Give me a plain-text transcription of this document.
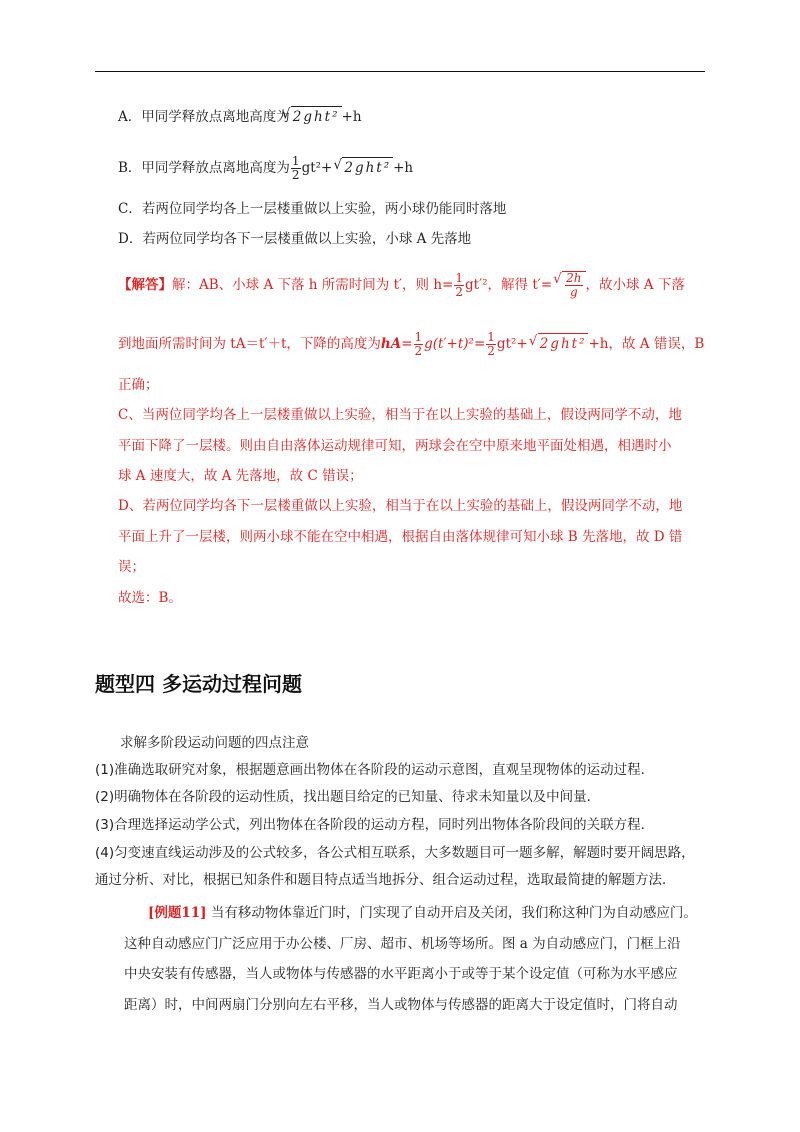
A．甲同学释放点离地高度为√ 2ght² +h
B．甲同学释放点离地高度为 $\frac{1}{2} gt^2+√$ 2ght² +h
C．若两位同学均各上一层楼重做以上实验，两小球仍能同时落地
D．若两位同学均各下一层楼重做以上实验，小球 A 先落地
【解答】解：AB、小球 A 下落 h 所需时间为 t′，则 $h= \frac{1}{2} gt'^2$，解得 t′=
√ $\frac{2h}{g}$ ，故小球 A 下落
到地面所需时间为 tA＝t′＋t，下降的高度为$hA= \frac{1}{2} g(t'+t)^2= \frac{1}{2} gt^2+√$ 2ght² +h，故 A 错误，B
正确；
C、当两位同学均各上一层楼重做以上实验，相当于在以上实验的基础上，假设两同学不动，地
平面下降了一层楼。则由自由落体运动规律可知，两球会在空中原来地平面处相遇，相遇时小
球 A 速度大，故 A 先落地，故 C 错误；
D、若两位同学均各下一层楼重做以上实验，相当于在以上实验的基础上，假设两同学不动，地
平面上升了一层楼，则两小球不能在空中相遇，根据自由落体规律可知小球 B 先落地，故 D 错
误；
故选：B。
题型四 多运动过程问题
求解多阶段运动问题的四点注意
(1)准确选取研究对象，根据题意画出物体在各阶段的运动示意图，直观呈现物体的运动过程．
(2)明确物体在各阶段的运动性质，找出题目给定的已知量、待求未知量以及中间量．
(3)合理选择运动学公式，列出物体在各阶段的运动方程，同时列出物体各阶段间的关联方程．
(4)匀变速直线运动涉及的公式较多，各公式相互联系，大多数题目可一题多解，解题时要开阔思路，
通过分析、对比，根据已知条件和题目特点适当地拆分、组合运动过程，选取最简捷的解题方法．
[例题11] 当有移动物体靠近门时，门实现了自动开启及关闭，我们称这种门为自动感应门。
这种自动感应门广泛应用于办公楼、厂房、超市、机场等场所。图 a 为自动感应门，门框上沿
中央安装有传感器，当人或物体与传感器的水平距离小于或等于某个设定值（可称为水平感应
距离）时，中间两扇门分别向左右平移，当人或物体与传感器的距离大于设定值时，门将自动
